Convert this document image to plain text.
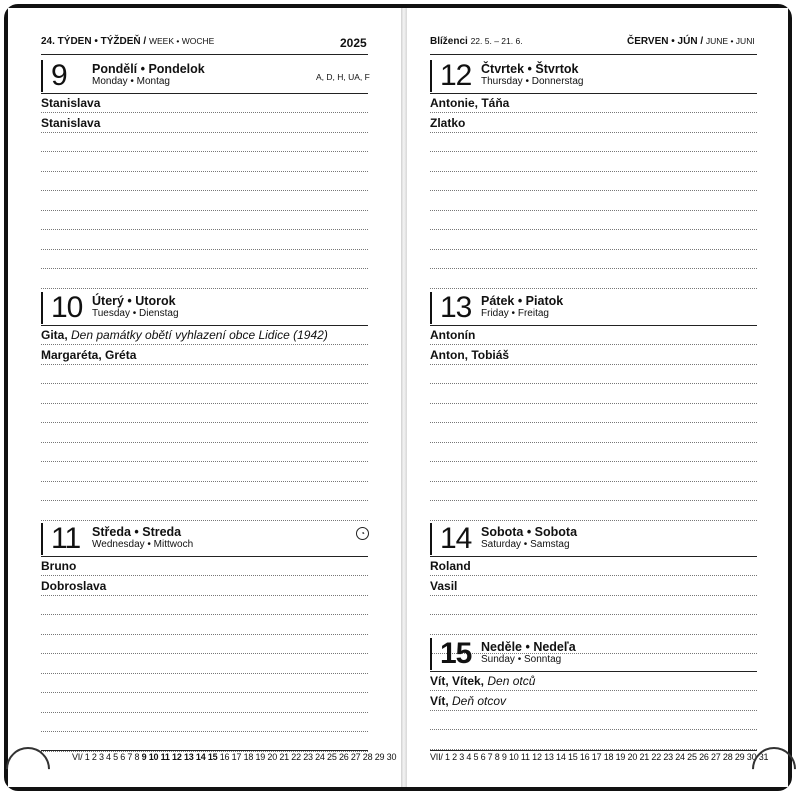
24. TÝDEN • TÝŽDEŇ / WEEK • WOCHE	2025	Blíženci 22. 5. – 21. 6.	ČERVEN • JÚN / JUNE • JUNI
9 Pondělí • Pondelok
Monday • Montag	A, D, H, UA, F
Stanislava
Stanislava
10 Úterý • Utorok
Tuesday • Dienstag
Gita, Den památky obětí vyhlazení obce Lidice (1942)
Margaréta, Gréta
11 Středa • Streda
Wednesday • Mittwoch
◔
Bruno
Dobroslava
12 Čtvrtek • Štvrtok
Thursday • Donnerstag
Antonie, Táňa
Zlatko
13 Pátek • Piatok
Friday • Freitag
Antonín
Anton, Tobiáš
14 Sobota • Sobota
Saturday • Samstag
Roland
Vasil
15 Neděle • Nedeľa
Sunday • Sonntag
Vít, Vítek, Den otců
Vít, Deň otcov
VI/ 1 2 3 4 5 6 7 8 9 10 11 12 13 14 15 16 17 18 19 20 21 22 23 24 25 26 27 28 29 30	VII/ 1 2 3 4 5 6 7 8 9 10 11 12 13 14 15 16 17 18 19 20 21 22 23 24 25 26 27 28 29 30 31
